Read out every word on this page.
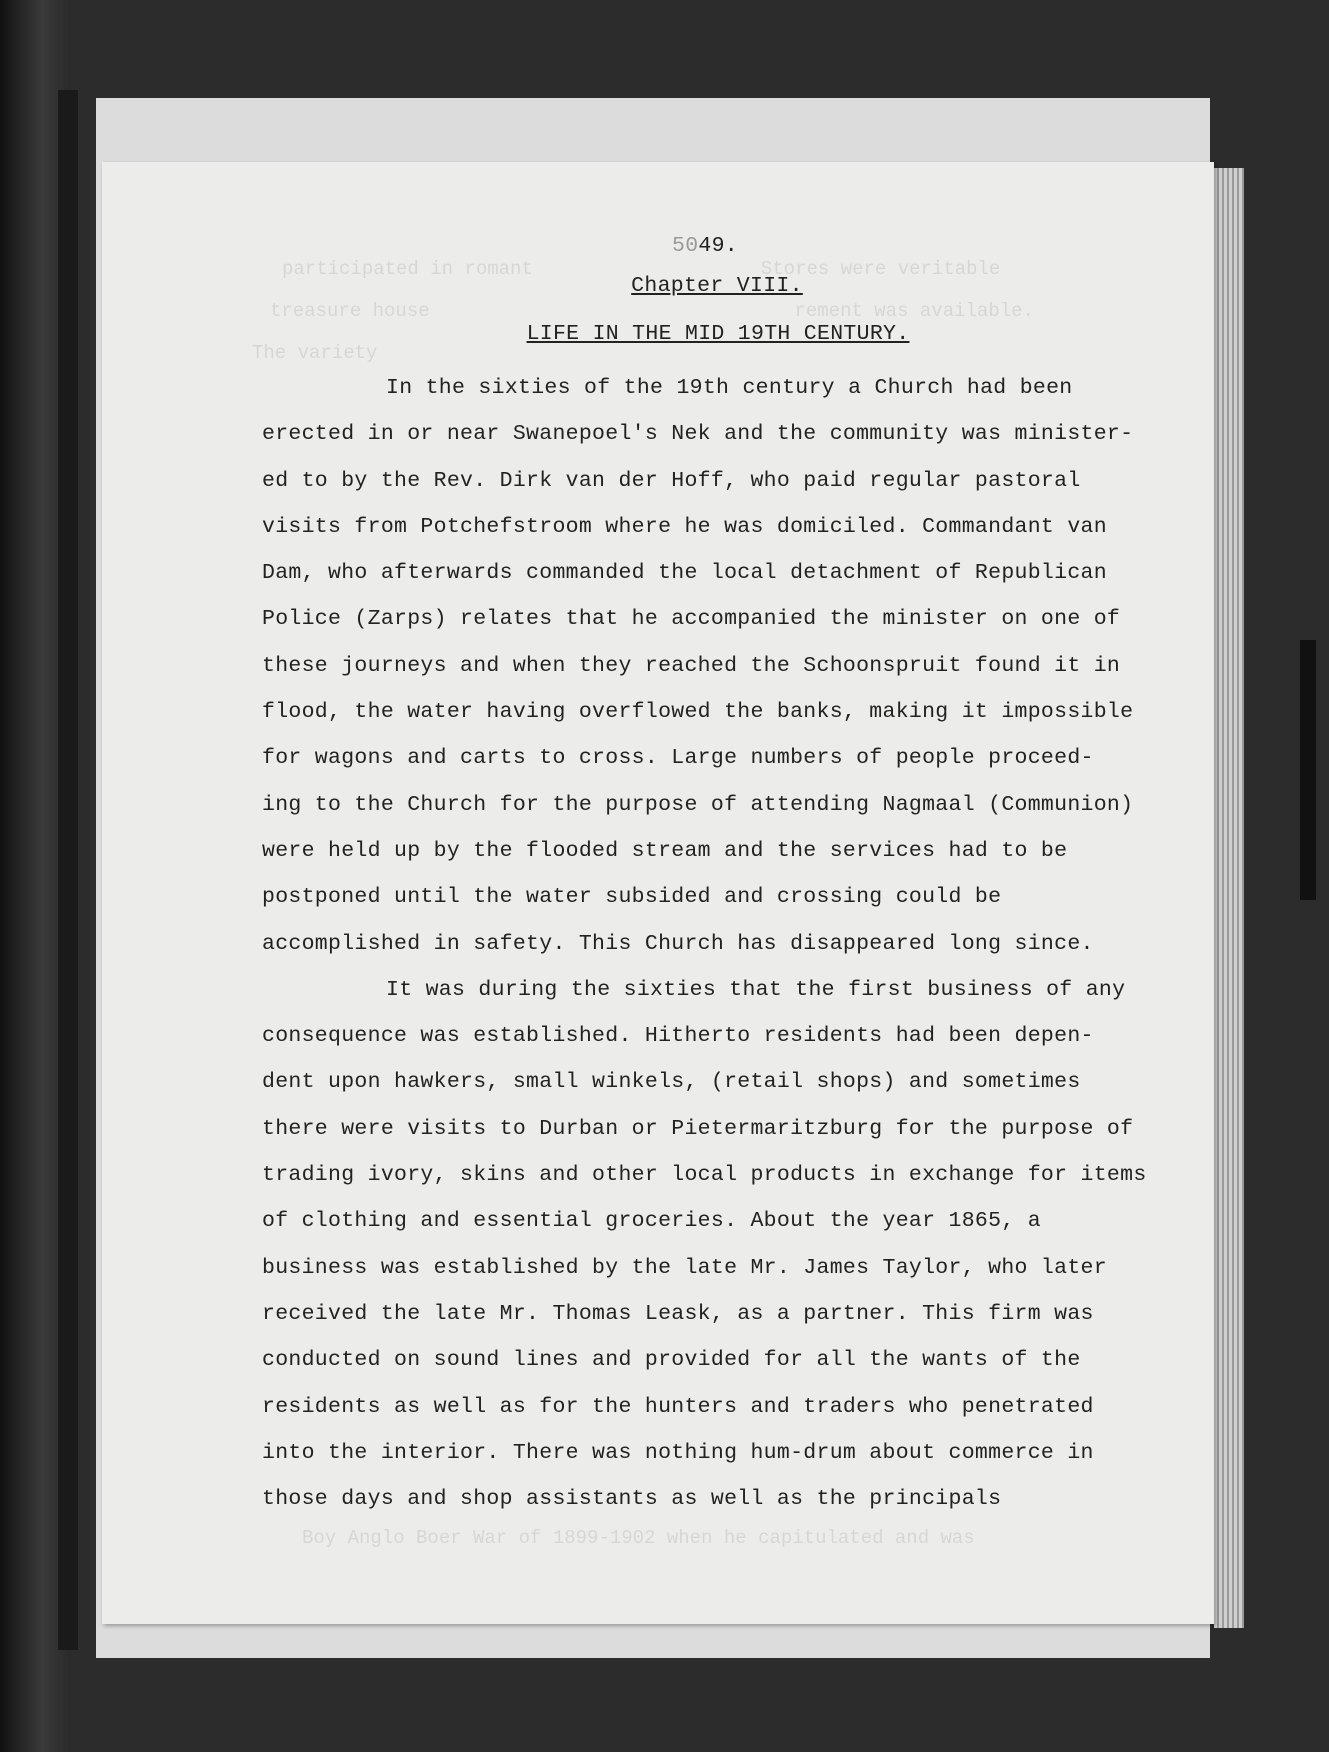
participated in romant                    Stores were veritable

treasure house                                rement was available.

The variety

Boy Anglo Boer War of 1899-1902 when he capitulated and was

5049.
Chapter VIII.
LIFE IN THE MID 19TH CENTURY.
In the sixties of the 19th century a Church had been
erected in or near Swanepoel's Nek and the community was minister-
ed to by the Rev. Dirk van der Hoff, who paid regular pastoral
visits from Potchefstroom where he was domiciled. Commandant van
Dam, who afterwards commanded the local detachment of Republican
Police (Zarps) relates that he accompanied the minister on one of
these journeys and when they reached the Schoonspruit found it in
flood, the water having overflowed the banks, making it impossible
for wagons and carts to cross. Large numbers of people proceed-
ing to the Church for the purpose of attending Nagmaal (Communion)
were held up by the flooded stream and the services had to be
postponed until the water subsided and crossing could be
accomplished in safety. This Church has disappeared long since.
It was during the sixties that the first business of any
consequence was established. Hitherto residents had been depen-
dent upon hawkers, small winkels, (retail shops) and sometimes
there were visits to Durban or Pietermaritzburg for the purpose of
trading ivory, skins and other local products in exchange for items
of clothing and essential groceries. About the year 1865, a
business was established by the late Mr. James Taylor, who later
received the late Mr. Thomas Leask, as a partner. This firm was
conducted on sound lines and provided for all the wants of the
residents as well as for the hunters and traders who penetrated
into the interior. There was nothing hum-drum about commerce in
those days and shop assistants as well as the principals
